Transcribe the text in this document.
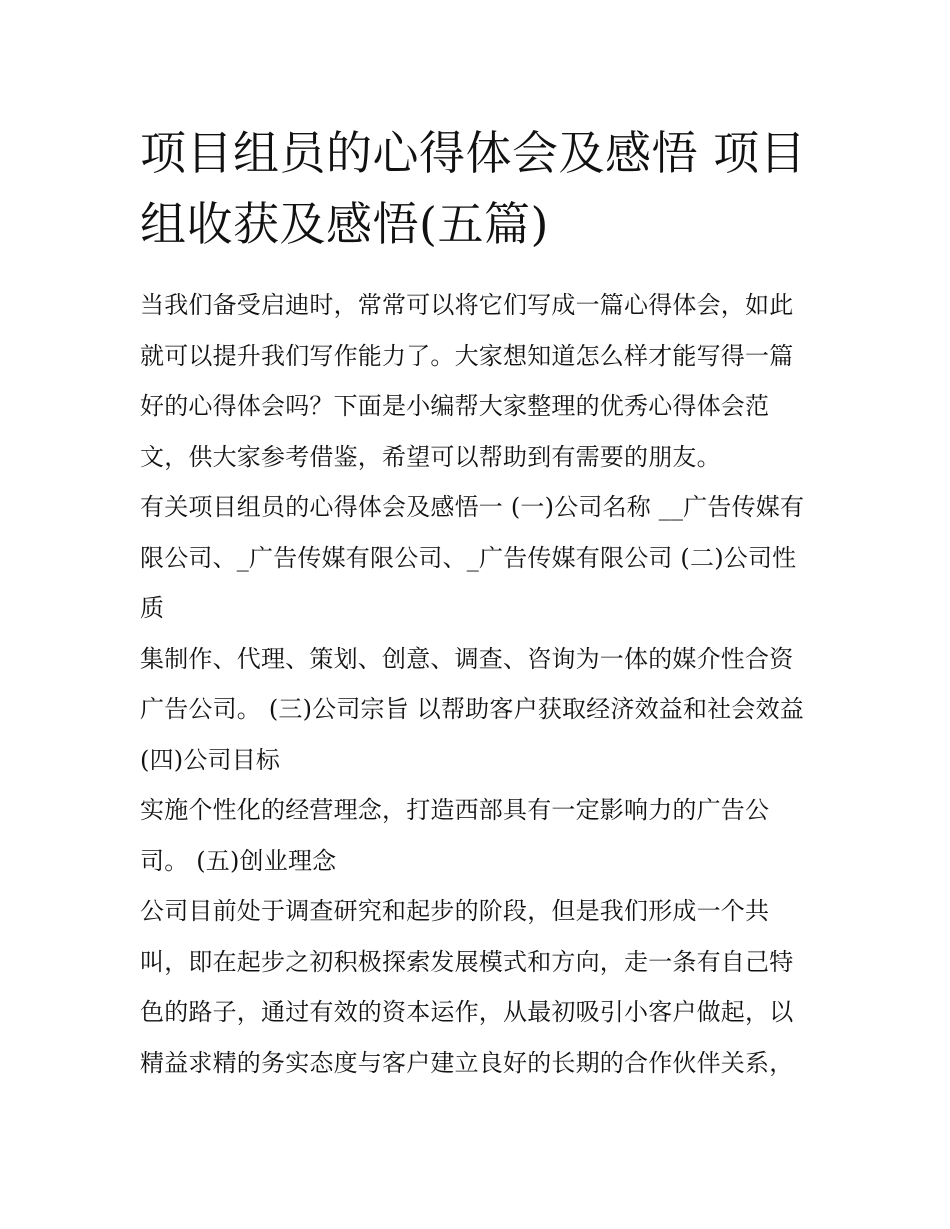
项目组员的心得体会及感悟 项目组收获及感悟(五篇)

当我们备受启迪时，常常可以将它们写成一篇心得体会，如此就可以提升我们写作能力了。大家想知道怎么样才能写得一篇好的心得体会吗？下面是小编帮大家整理的优秀心得体会范文，供大家参考借鉴，希望可以帮助到有需要的朋友。

有关项目组员的心得体会及感悟一 (一)公司名称 __广告传媒有限公司、_广告传媒有限公司、_广告传媒有限公司 (二)公司性质

集制作、代理、策划、创意、调查、咨询为一体的媒介性合资广告公司。 (三)公司宗旨 以帮助客户获取经济效益和社会效益 (四)公司目标

实施个性化的经营理念，打造西部具有一定影响力的广告公司。 (五)创业理念

公司目前处于调查研究和起步的阶段，但是我们形成一个共叫，即在起步之初积极探索发展模式和方向，走一条有自己特色的路子，通过有效的资本运作，从最初吸引小客户做起，以精益求精的务实态度与客户建立良好的长期的合作伙伴关系，
